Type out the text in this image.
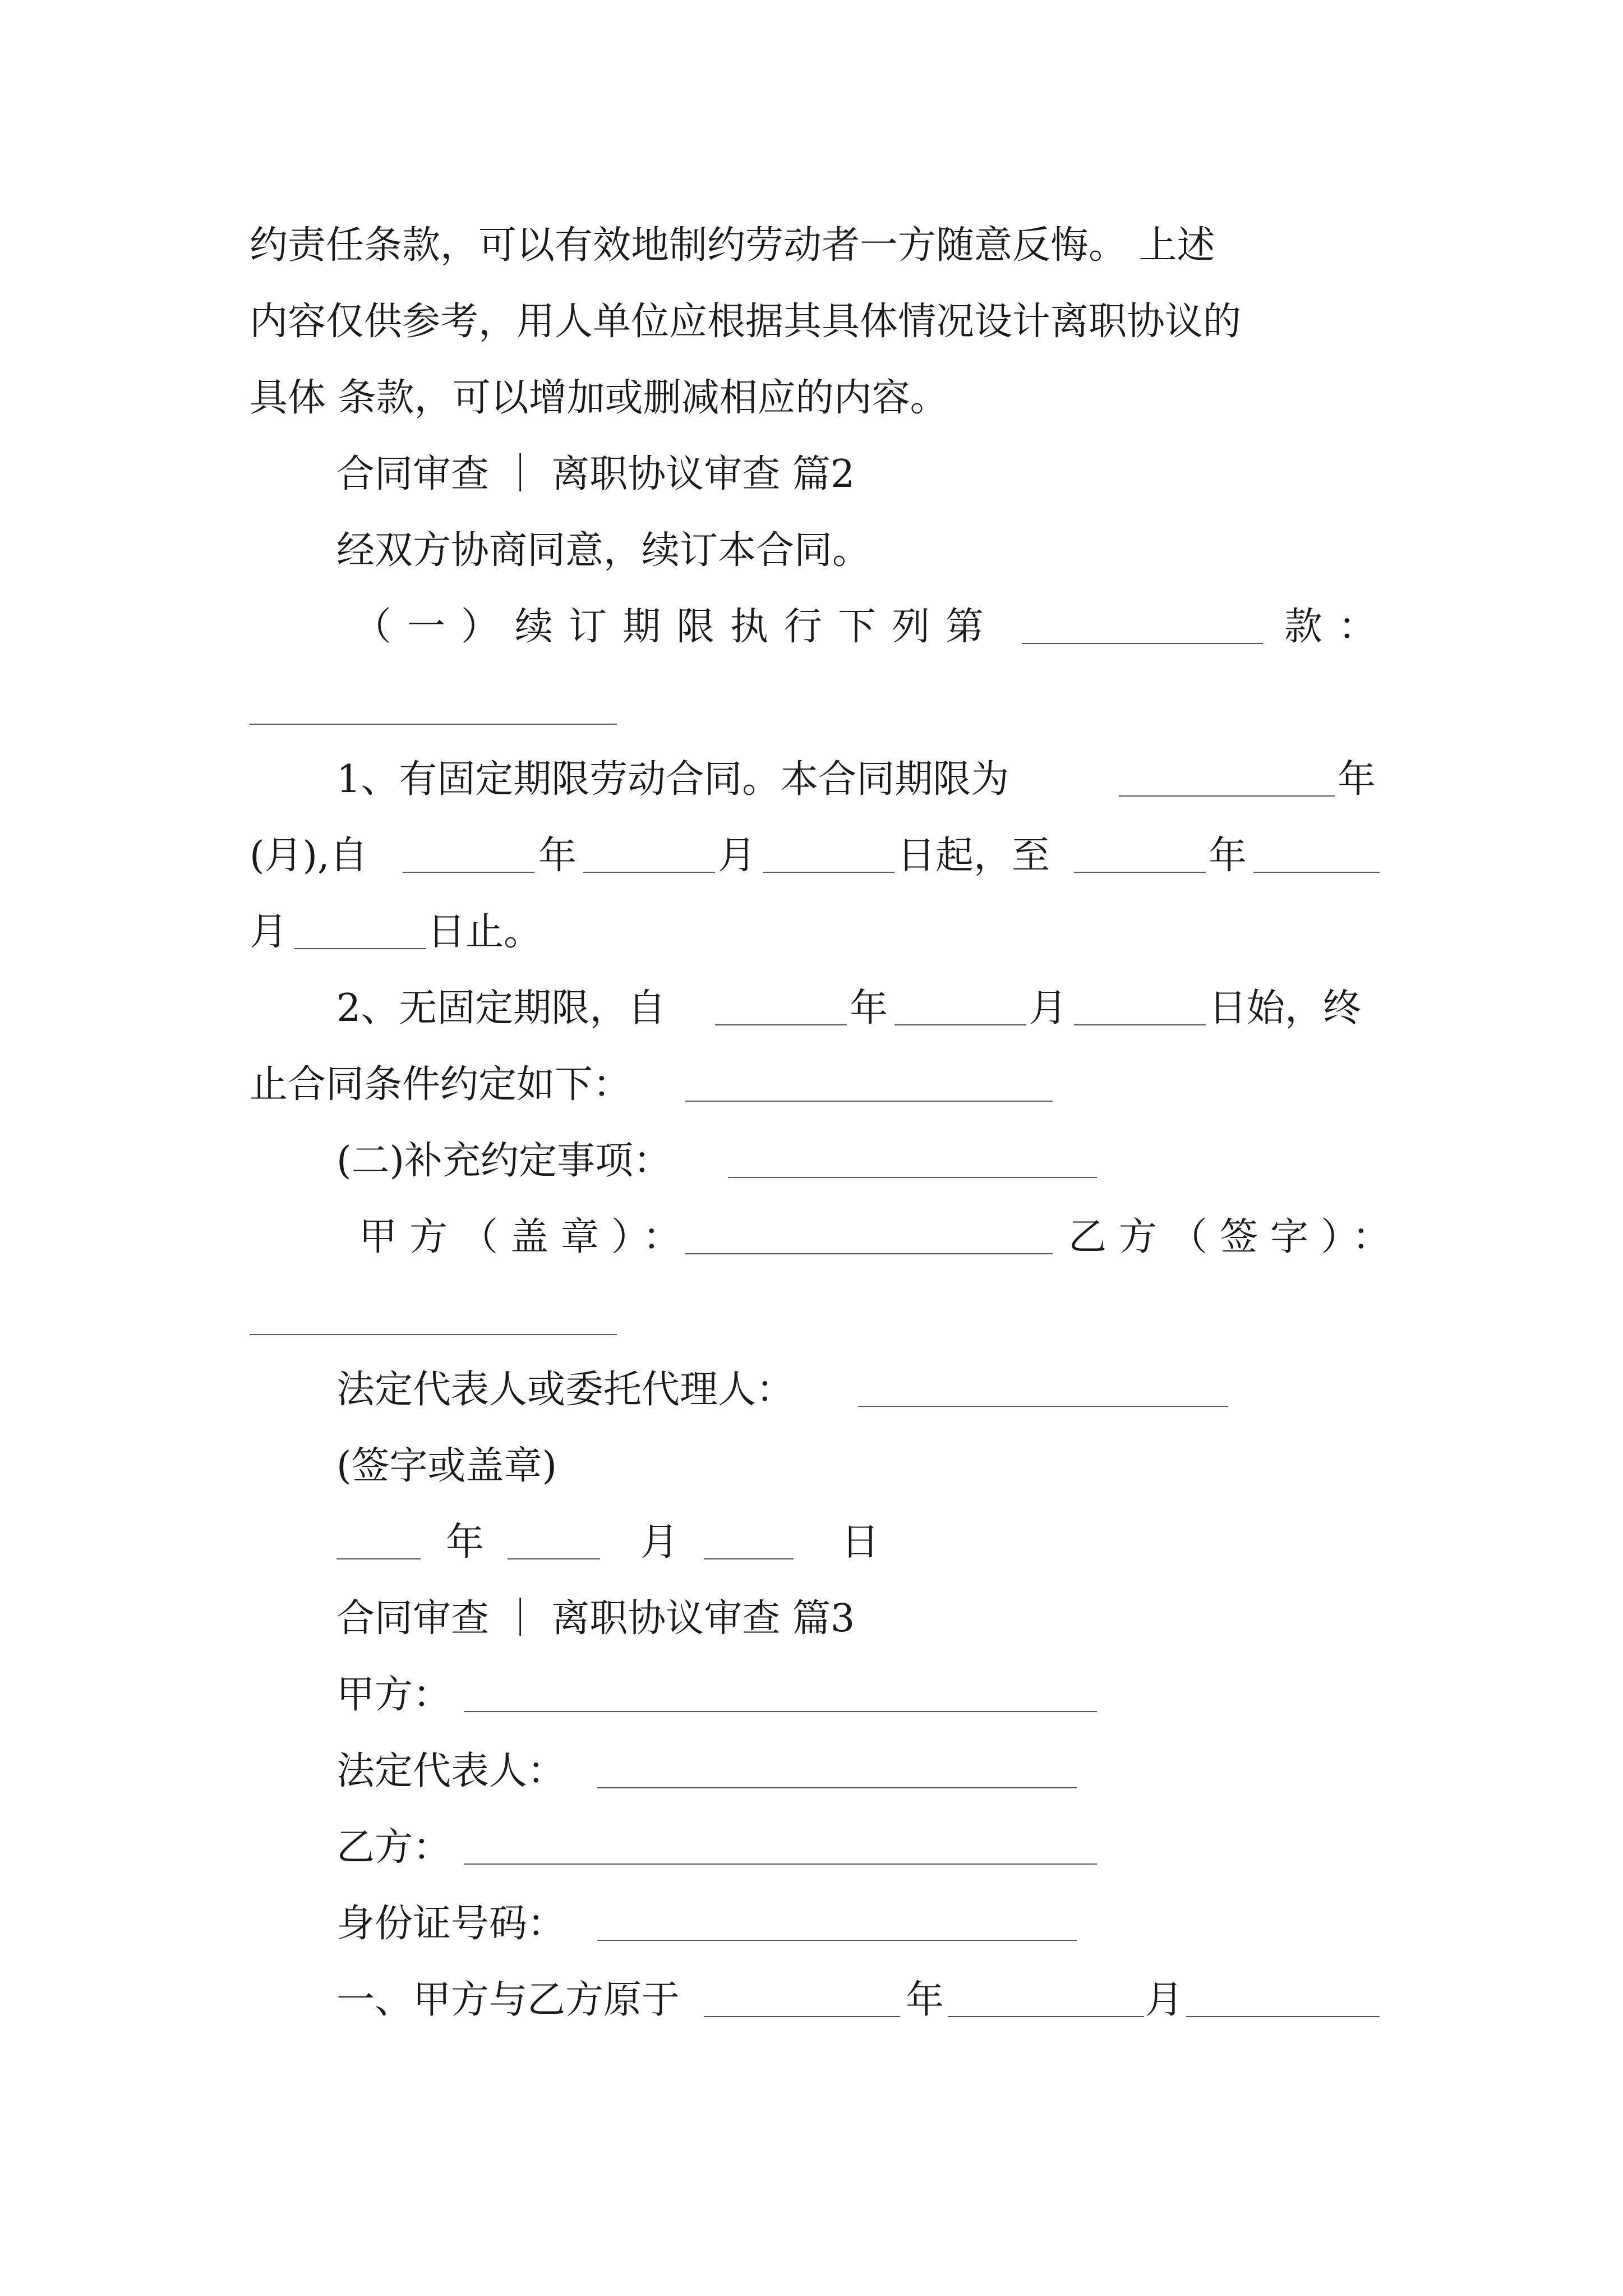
约责任条款，可以有效地制约劳动者一方随意反悔。 上述
内容仅供参考，用人单位应根据其具体情况设计离职协议的
具体 条款，可以增加或删减相应的内容。
合同审查 ｜ 离职协议审查 篇2
经双方协商同意，续订本合同。
（一）续订期限执行下列第	款：
1、有固定期限劳动合同。本合同期限为	年
(月),自	年	月	日起，至	年
月	日止。
2、无固定期限，自	年	月	日始，终
止合同条件约定如下：
(二)补充约定事项：
甲方（盖章）：	乙方（签字）：
法定代表人或委托代理人：
(签字或盖章)
年	月	日
合同审查 ｜ 离职协议审查 篇3
甲方：
法定代表人：
乙方：
身份证号码：
一、甲方与乙方原于	年	月
